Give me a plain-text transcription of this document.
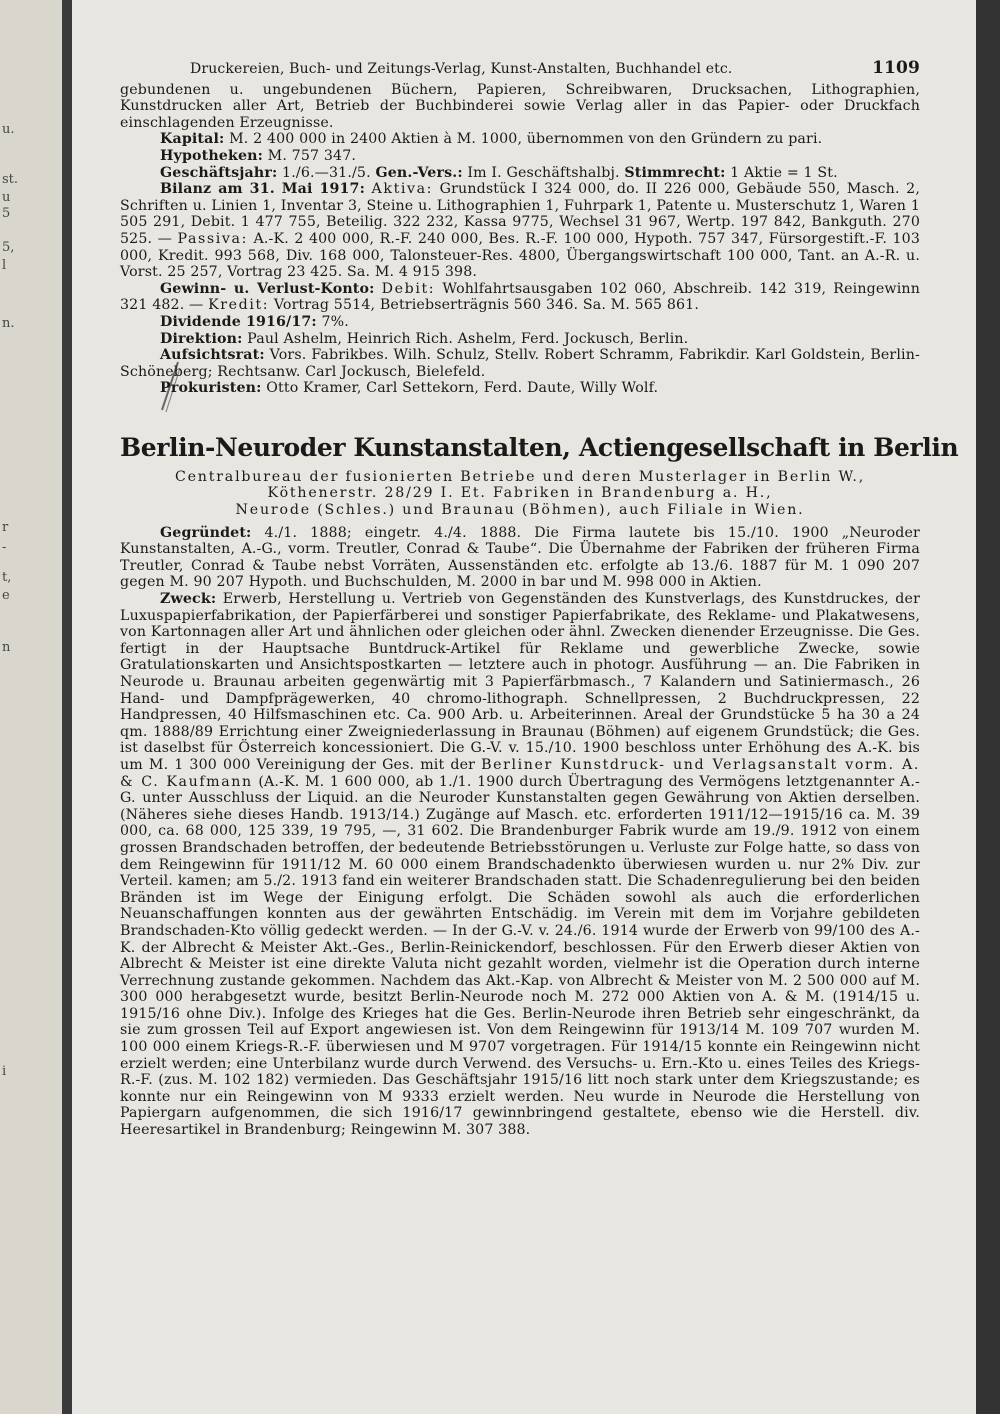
u.
st.
u
5
5,
l
n.
r
-
t,
e
n
i
Druckereien, Buch- und Zeitungs-Verlag, Kunst-Anstalten, Buchhandel etc.	1109

gebundenen u. ungebundenen Büchern, Papieren, Schreibwaren, Drucksachen, Lithographien, Kunstdrucken aller Art, Betrieb der Buchbinderei sowie Verlag aller in das Papier- oder Druckfach einschlagenden Erzeugnisse.

Kapital: M. 2 400 000 in 2400 Aktien à M. 1000, übernommen von den Gründern zu pari.

Hypotheken: M. 757 347.

Geschäftsjahr: 1./6.—31./5. Gen.-Vers.: Im I. Geschäftshalbj. Stimmrecht: 1 Aktie = 1 St.

Bilanz am 31. Mai 1917: Aktiva: Grundstück I 324 000, do. II 226 000, Gebäude 550, Masch. 2, Schriften u. Linien 1, Inventar 3, Steine u. Lithographien 1, Fuhrpark 1, Patente u. Musterschutz 1, Waren 1 505 291, Debit. 1 477 755, Beteilig. 322 232, Kassa 9775, Wechsel 31 967, Wertp. 197 842, Bankguth. 270 525. — Passiva: A.-K. 2 400 000, R.-F. 240 000, Bes. R.-F. 100 000, Hypoth. 757 347, Fürsorgestift.-F. 103 000, Kredit. 993 568, Div. 168 000, Talonsteuer-Res. 4800, Übergangswirtschaft 100 000, Tant. an A.-R. u. Vorst. 25 257, Vortrag 23 425. Sa. M. 4 915 398.

Gewinn- u. Verlust-Konto: Debit: Wohlfahrtsausgaben 102 060, Abschreib. 142 319, Reingewinn 321 482. — Kredit: Vortrag 5514, Betriebserträgnis 560 346. Sa. M. 565 861.

Dividende 1916/17: 7%.

Direktion: Paul Ashelm, Heinrich Rich. Ashelm, Ferd. Jockusch, Berlin.

Aufsichtsrat: Vors. Fabrikbes. Wilh. Schulz, Stellv. Robert Schramm, Fabrikdir. Karl Goldstein, Berlin-Schöneberg; Rechtsanw. Carl Jockusch, Bielefeld.

Prokuristen: Otto Kramer, Carl Settekorn, Ferd. Daute, Willy Wolf.

Berlin-Neuroder Kunstanstalten, Actiengesellschaft in Berlin
Centralbureau der fusionierten Betriebe und deren Musterlager in Berlin W.,
Köthenerstr. 28/29 I. Et. Fabriken in Brandenburg a. H.,
Neurode (Schles.) und Braunau (Böhmen), auch Filiale in Wien.

Gegründet: 4./1. 1888; eingetr. 4./4. 1888. Die Firma lautete bis 15./10. 1900 „Neuroder Kunstanstalten, A.-G., vorm. Treutler, Conrad & Taube“. Die Übernahme der Fabriken der früheren Firma Treutler, Conrad & Taube nebst Vorräten, Aussenständen etc. erfolgte ab 13./6. 1887 für M. 1 090 207 gegen M. 90 207 Hypoth. und Buchschulden, M. 2000 in bar und M. 998 000 in Aktien.

Zweck: Erwerb, Herstellung u. Vertrieb von Gegenständen des Kunstverlags, des Kunstdruckes, der Luxuspapierfabrikation, der Papierfärberei und sonstiger Papierfabrikate, des Reklame- und Plakatwesens, von Kartonnagen aller Art und ähnlichen oder gleichen oder ähnl. Zwecken dienender Erzeugnisse. Die Ges. fertigt in der Hauptsache Buntdruck-Artikel für Reklame und gewerbliche Zwecke, sowie Gratulationskarten und Ansichtspostkarten — letztere auch in photogr. Ausführung — an. Die Fabriken in Neurode u. Braunau arbeiten gegenwärtig mit 3 Papierfärbmasch., 7 Kalandern und Satiniermasch., 26 Hand- und Dampfprägewerken, 40 chromo-lithograph. Schnellpressen, 2 Buchdruckpressen, 22 Handpressen, 40 Hilfsmaschinen etc. Ca. 900 Arb. u. Arbeiterinnen. Areal der Grundstücke 5 ha 30 a 24 qm. 1888/89 Errichtung einer Zweigniederlassung in Braunau (Böhmen) auf eigenem Grundstück; die Ges. ist daselbst für Österreich koncessioniert. Die G.-V. v. 15./10. 1900 beschloss unter Erhöhung des A.-K. bis um M. 1 300 000 Vereinigung der Ges. mit der Berliner Kunstdruck- und Verlagsanstalt vorm. A. & C. Kaufmann (A.-K. M. 1 600 000, ab 1./1. 1900 durch Übertragung des Vermögens letztgenannter A.-G. unter Ausschluss der Liquid. an die Neuroder Kunstanstalten gegen Gewährung von Aktien derselben. (Näheres siehe dieses Handb. 1913/14.) Zugänge auf Masch. etc. erforderten 1911/12—1915/16 ca. M. 39 000, ca. 68 000, 125 339, 19 795, —, 31 602. Die Brandenburger Fabrik wurde am 19./9. 1912 von einem grossen Brandschaden betroffen, der bedeutende Betriebsstörungen u. Verluste zur Folge hatte, so dass von dem Reingewinn für 1911/12 M. 60 000 einem Brandschadenkto überwiesen wurden u. nur 2% Div. zur Verteil. kamen; am 5./2. 1913 fand ein weiterer Brandschaden statt. Die Schadenregulierung bei den beiden Bränden ist im Wege der Einigung erfolgt. Die Schäden sowohl als auch die erforderlichen Neuanschaffungen konnten aus der gewährten Entschädig. im Verein mit dem im Vorjahre gebildeten Brandschaden-Kto völlig gedeckt werden. — In der G.-V. v. 24./6. 1914 wurde der Erwerb von 99/100 des A.-K. der Albrecht & Meister Akt.-Ges., Berlin-Reinickendorf, beschlossen. Für den Erwerb dieser Aktien von Albrecht & Meister ist eine direkte Valuta nicht gezahlt worden, vielmehr ist die Operation durch interne Verrechnung zustande gekommen. Nachdem das Akt.-Kap. von Albrecht & Meister von M. 2 500 000 auf M. 300 000 herabgesetzt wurde, besitzt Berlin-Neurode noch M. 272 000 Aktien von A. & M. (1914/15 u. 1915/16 ohne Div.). Infolge des Krieges hat die Ges. Berlin-Neurode ihren Betrieb sehr eingeschränkt, da sie zum grossen Teil auf Export angewiesen ist. Von dem Reingewinn für 1913/14 M. 109 707 wurden M. 100 000 einem Kriegs-R.-F. überwiesen und M 9707 vorgetragen. Für 1914/15 konnte ein Reingewinn nicht erzielt werden; eine Unterbilanz wurde durch Verwend. des Versuchs- u. Ern.-Kto u. eines Teiles des Kriegs-R.-F. (zus. M. 102 182) vermieden. Das Geschäftsjahr 1915/16 litt noch stark unter dem Kriegszustande; es konnte nur ein Reingewinn von M 9333 erzielt werden. Neu wurde in Neurode die Herstellung von Papiergarn aufgenommen, die sich 1916/17 gewinnbringend gestaltete, ebenso wie die Herstell. div. Heeresartikel in Brandenburg; Reingewinn M. 307 388.
